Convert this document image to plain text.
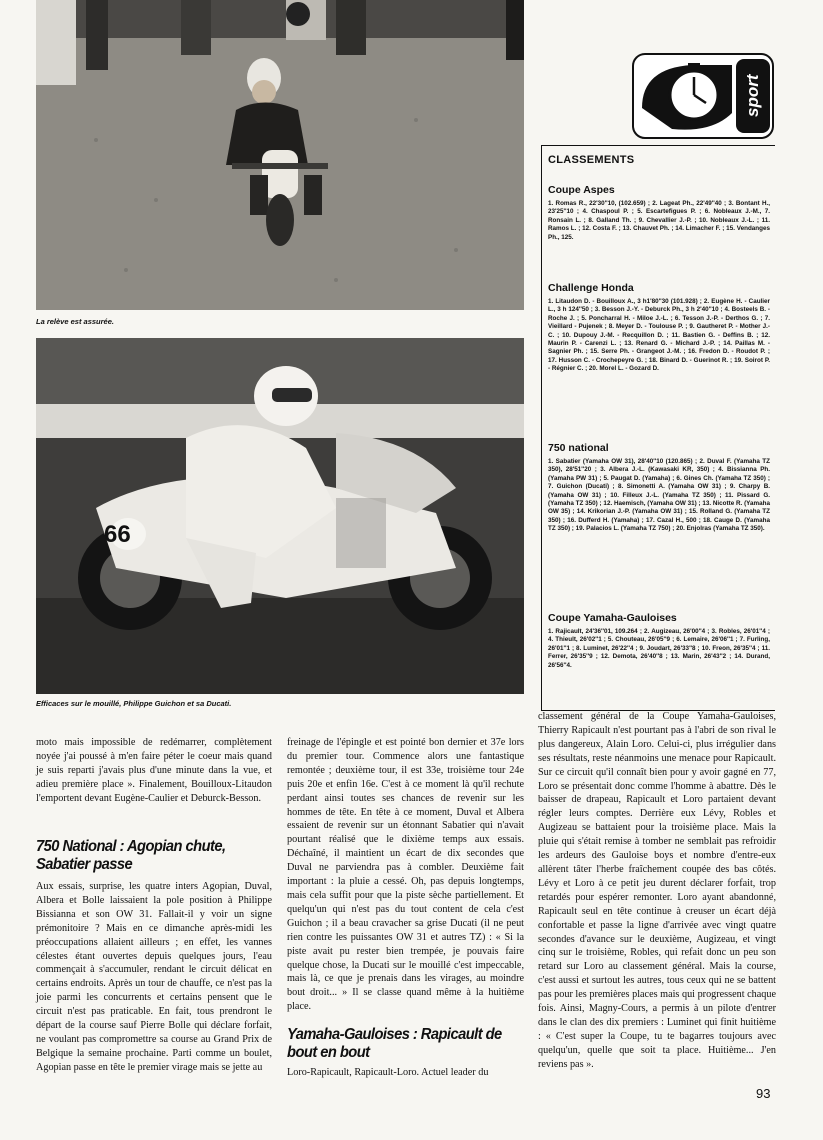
La relève est assurée.
66
Efficaces sur le mouillé, Philippe Guichon et sa Ducati.
sport
CLASSEMENTS
Coupe Aspes

1. Romas R., 22'30''10, (102.659) ; 2. Lageat Ph., 22'49''40 ; 3. Bontant H., 23'25''10 ; 4. Chaspoul P. ; 5. Escartefigues P. ; 6. Nobleaux J.-M., 7. Ronsain L. ; 8. Galland Th. ; 9. Chevallier J.-P. ; 10. Nobleaux J.-L. ; 11. Ramos L. ; 12. Costa F. ; 13. Chauvet Ph. ; 14. Limacher F. ; 15. Vendanges Ph., 125.

Challenge Honda

1. Litaudon D. - Bouilloux A., 3 h1'80''30 (101.928) ; 2. Eugène H. - Caulier L., 3 h 124''50 ; 3. Besson J.-Y. - Deburck Ph., 3 h 2'40''10 ; 4. Bosteels B. - Roche J. ; 5. Poncharral H. - Miloe J.-L. ; 6. Tesson J.-P. - Derthos G. ; 7. Vieillard - Pujenek ; 8. Meyer D. - Toulouse P. ; 9. Gautheret P. - Mother J.-C. ; 10. Dupouy J.-M. - Recquillon D. ; 11. Bastien G. - Deffins B. ; 12. Maurin P. - Carenzi L. ; 13. Renard G. - Michard J.-P. ; 14. Paillas M. - Sagnier Ph. ; 15. Serre Ph. - Grangeot J.-M. ; 16. Fredon D. - Roudot P. ; 17. Husson C. - Crochepeyre G. ; 18. Binard D. - Guerinot R. ; 19. Soirot P. - Régnier C. ; 20. Morel L. - Gozard D.

750 national

1. Sabatier (Yamaha OW 31), 28'40''10 (120.865) ; 2. Duval F. (Yamaha TZ 350), 28'51''20 ; 3. Albera J.-L. (Kawasaki KR, 350) ; 4. Bissianna Ph. (Yamaha PW 31) ; 5. Paugat D. (Yamaha) ; 6. Gines Ch. (Yamaha TZ 350) ; 7. Guichon (Ducati) ; 8. Simonetti A. (Yamaha OW 31) ; 9. Charpy B. (Yamaha OW 31) ; 10. Filleux J.-L. (Yamaha TZ 350) ; 11. Pissard G. (Yamaha TZ 350) ; 12. Haemisch, (Yamaha OW 31) ; 13. Nicotte R. (Yamaha OW 35) ; 14. Krikorian J.-P. (Yamaha OW 31) ; 15. Rolland G. (Yamaha TZ 350) ; 16. Dufferd H. (Yamaha) ; 17. Cazal H., 500 ; 18. Cauge D. (Yamaha TZ 350) ; 19. Palacios L. (Yamaha TZ 750) ; 20. Enjolras (Yamaha TZ 350).

Coupe Yamaha-Gauloises

1. Rajicault, 24'36''01, 109.264 ; 2. Augizeau, 26'00''4 ; 3. Robles, 26'01''4 ; 4. Thieult, 26'02''1 ; 5. Chouteau, 26'05''9 ; 6. Lemaire, 26'06''1 ; 7. Furling, 26'01''1 ; 8. Luminet, 26'22''4 ; 9. Joudart, 26'33''8 ; 10. Freon, 26'35''4 ; 11. Ferrer, 26'35''9 ; 12. Demota, 26'40''8 ; 13. Marin, 26'43''2 ; 14. Durand, 26'56''4.

moto mais impossible de redémarrer, complètement noyée j'ai poussé à m'en faire péter le coeur mais quand je suis reparti j'avais plus d'une minute dans la vue, et adieu première place ». Finalement, Bouilloux-Litaudon l'emportent devant Eugène-Caulier et Deburck-Besson.

750 National : Agopian chute, Sabatier passe

Aux essais, surprise, les quatre inters Agopian, Duval, Albera et Bolle laissaient la pole position à Philippe Bissianna et son OW 31. Fallait-il y voir un signe prémonitoire ? Mais en ce dimanche après-midi les préoccupations allaient ailleurs ; en effet, les vannes célestes étant ouvertes depuis quelques jours, l'eau commençait à s'accumuler, rendant le circuit délicat en certains endroits. Après un tour de chauffe, ce n'est pas la joie parmi les concurrents et certains pensent que le circuit n'est pas praticable. En fait, tous prendront le départ de la course sauf Pierre Bolle qui déclare forfait, ne voulant pas compromettre sa course au Grand Prix de Belgique la semaine prochaine. Parti comme un boulet, Agopian passe en tête le premier virage mais se jette au

freinage de l'épingle et est pointé bon dernier et 37e lors du premier tour. Commence alors une fantastique remontée ; deuxième tour, il est 33e, troisième tour 24e puis 20e et enfin 16e. C'est à ce moment là qu'il rechute perdant ainsi toutes ses chances de revenir sur les hommes de tête. En tête à ce moment, Duval et Albera essaient de revenir sur un étonnant Sabatier qui n'avait pourtant réalisé que le dixième temps aux essais. Déchaîné, il maintient un écart de dix secondes que Duval ne parviendra pas à combler. Deuxième fait important : la pluie a cessé. Oh, pas depuis longtemps, mais cela suffit pour que la piste sèche partiellement. Et quelqu'un qui n'est pas du tout content de cela c'est Guichon ; il a beau cravacher sa grise Ducati (il ne peut rien contre les puissantes OW 31 et autres TZ) : « Si la piste avait pu rester bien trempée, je pouvais faire quelque chose, la Ducati sur le mouillé c'est impeccable, mais là, ce que je prenais dans les virages, au moindre bout droit... » Il se classe quand même à la huitième place.

Yamaha-Gauloises : Rapicault de bout en bout

Loro-Rapicault, Rapicault-Loro. Actuel leader du

classement général de la Coupe Yamaha-Gauloises, Thierry Rapicault n'est pourtant pas à l'abri de son rival le plus dangereux, Alain Loro. Celui-ci, plus irrégulier dans ses résultats, reste néanmoins une menace pour Rapicault. Sur ce circuit qu'il connaît bien pour y avoir gagné en 77, Loro se présentait donc comme l'homme à abattre. Dès le baisser de drapeau, Rapicault et Loro partaient devant régler leurs comptes. Derrière eux Lévy, Robles et Augizeau se battaient pour la troisième place. Mais la pluie qui s'était remise à tomber ne semblait pas refroidir les ardeurs des Gauloise boys et nombre d'entre-eux allèrent tâter l'herbe fraîchement coupée des bas côtés. Lévy et Loro à ce petit jeu durent déclarer forfait, trop retardés pour espérer remonter. Loro ayant abandonné, Rapicault seul en tête continue à creuser un écart déjà confortable et passe la ligne d'arrivée avec vingt quatre secondes d'avance sur le deuxième, Augizeau, et vingt cinq sur le troisième, Robles, qui refait donc un peu son retard sur Loro au classement général. Mais la course, c'est aussi et surtout les autres, tous ceux qui ne se battent pas pour les premières places mais qui progressent chaque fois. Ainsi, Magny-Cours, a permis à un pilote d'entrer dans le clan des dix premiers : Luminet qui finit huitième : « C'est super la Coupe, tu te bagarres toujours avec quelqu'un, quelle que soit ta place. Huitième... J'en reviens pas ».

93
